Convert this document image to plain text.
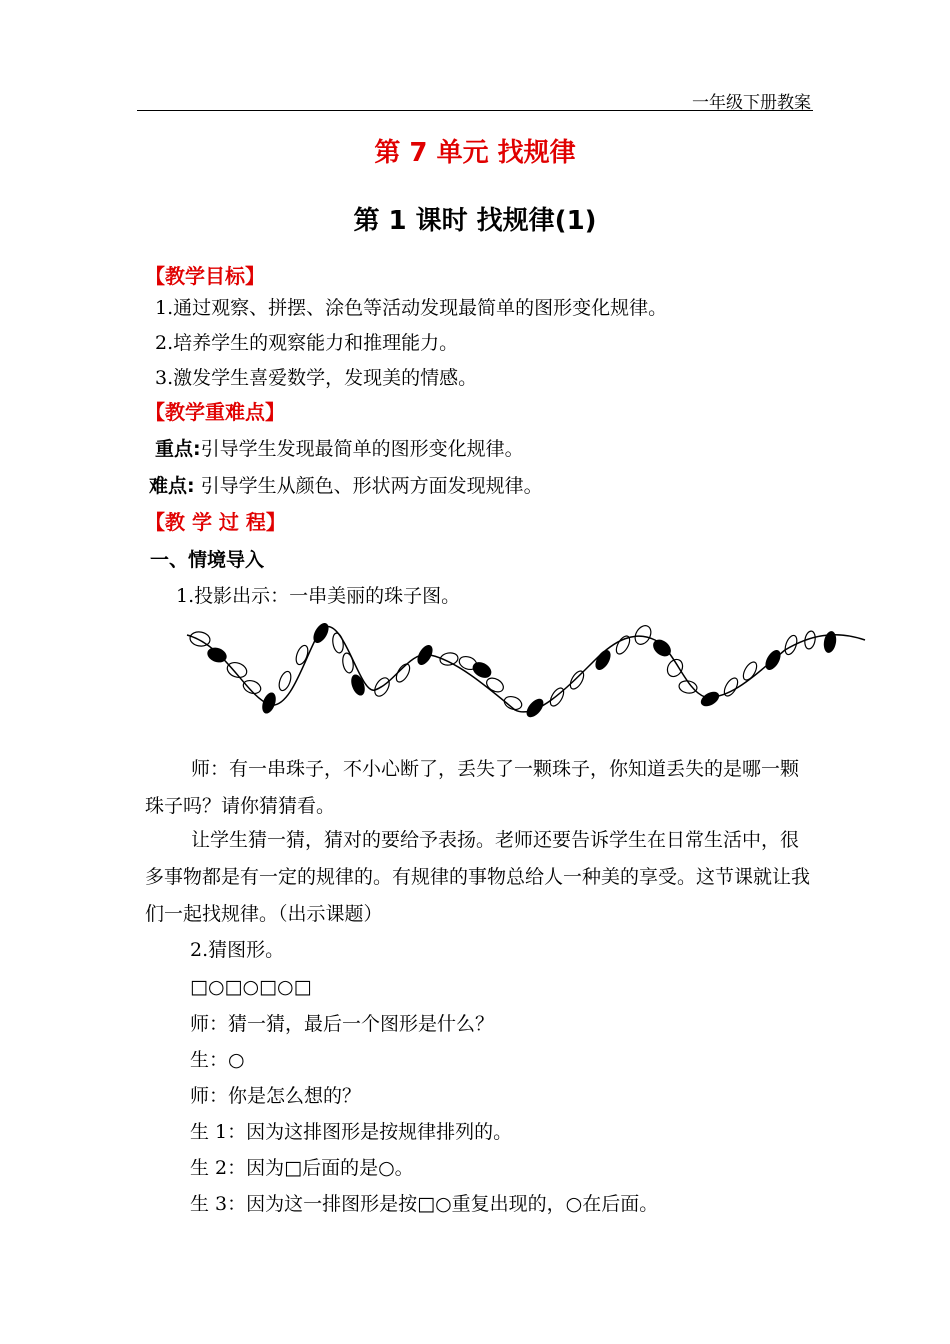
一年级下册教案
第 7 单元 找规律
第 1 课时 找规律(1)
【教学目标】
1.通过观察、拼摆、涂色等活动发现最简单的图形变化规律。
2.培养学生的观察能力和推理能力。
3.激发学生喜爱数学，发现美的情感。
【教学重难点】
重点:引导学生发现最简单的图形变化规律。
难点: 引导学生从颜色、形状两方面发现规律。
【教 学 过 程】
一、情境导入
1.投影出示：一串美丽的珠子图。
师：有一串珠子，不小心断了，丢失了一颗珠子，你知道丢失的是哪一颗珠子吗？请你猜猜看。
让学生猜一猜，猜对的要给予表扬。老师还要告诉学生在日常生活中，很多事物都是有一定的规律的。有规律的事物总给人一种美的享受。这节课就让我们一起找规律。（出示课题）
2.猜图形。
□○□○□○□
师：猜一猜，最后一个图形是什么？
生：○
师：你是怎么想的？
生 1：因为这排图形是按规律排列的。
生 2：因为□后面的是○。
生 3：因为这一排图形是按□○重复出现的，○在后面。
